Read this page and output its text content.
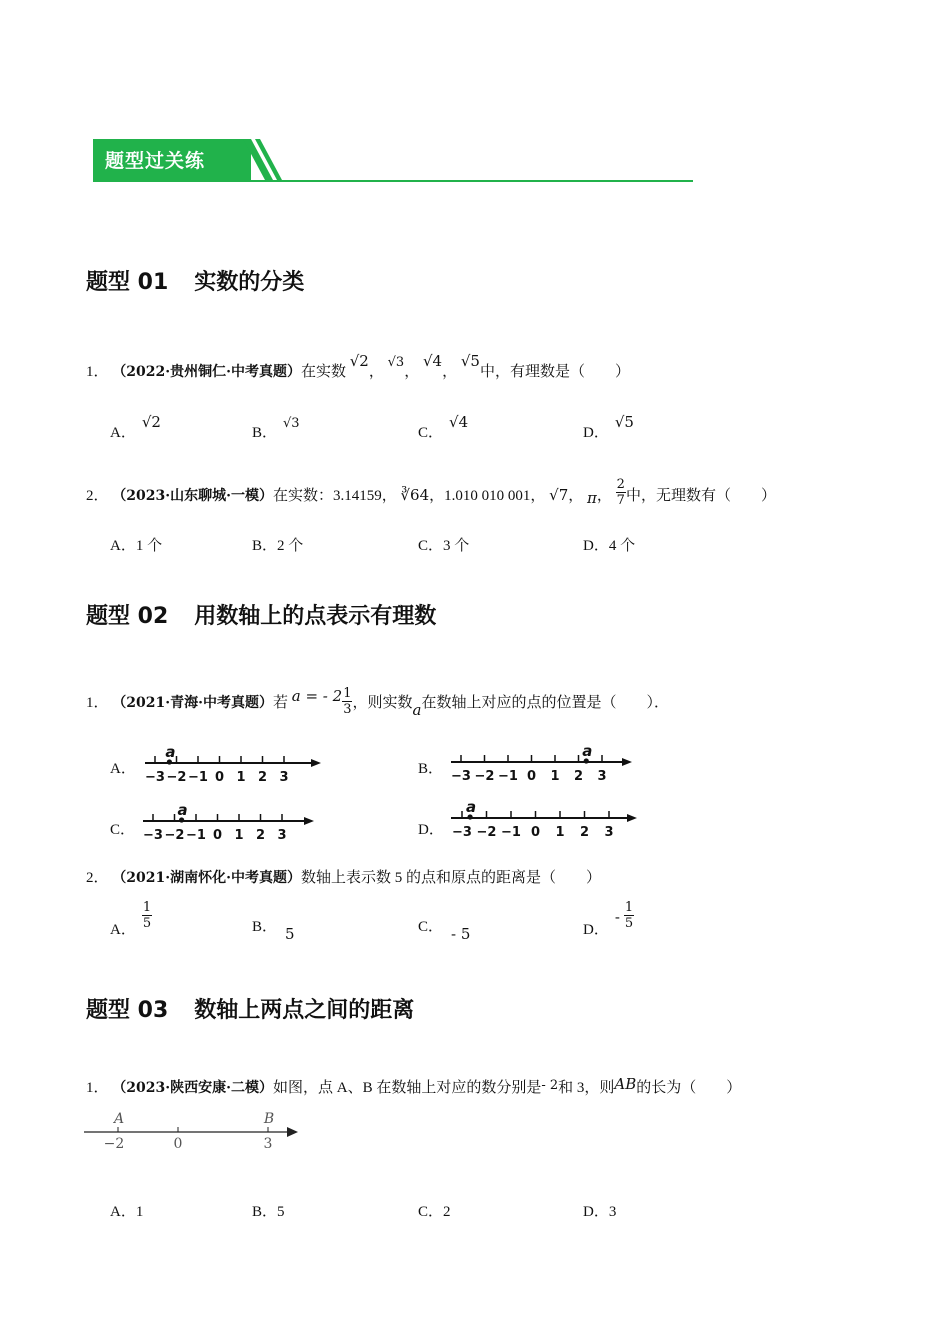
题型过关练
题型 01 实数的分类
1． （2022·贵州铜仁·中考真题）在实数 √2， √3， √4， √5中，有理数是（　　）
A．√2
B．√3
C．√4
D．√5
2． （2023·山东聊城·一模）在实数：3.14159， ∛64，1.010 010 001， √7， π， $\frac{2}{7}$ 中，无理数有（　　）
A．1 个	B．2 个	C．3 个	D．4 个
题型 02 用数轴上的点表示有理数
1． （2021·青海·中考真题）若 a = - $2 \frac{1}{3}$ ，则实数a在数轴上对应的点的位置是（　　）．
A．
−3 −2 −1 0 1 2 3
a
B． −3 −2 −1 0 1 2 3
a
C． −3 −2 −1 0 1 2 3
a
D． −3 −2 −1 0 1 2 3
a
2． （2021·湖南怀化·中考真题）数轴上表示数 5 的点和原点的距离是（　　）
A． $\frac{1}{5}$	B． 5	C． - 5	D．- $\frac{1}{5}$
题型 03 数轴上两点之间的距离
1． （2023·陕西安康·二模）如图，点 A、B 在数轴上对应的数分别是- 2和 3，则AB的长为（　　）
A	B
−2	0	3
A．1	B．5	C．2	D．3
